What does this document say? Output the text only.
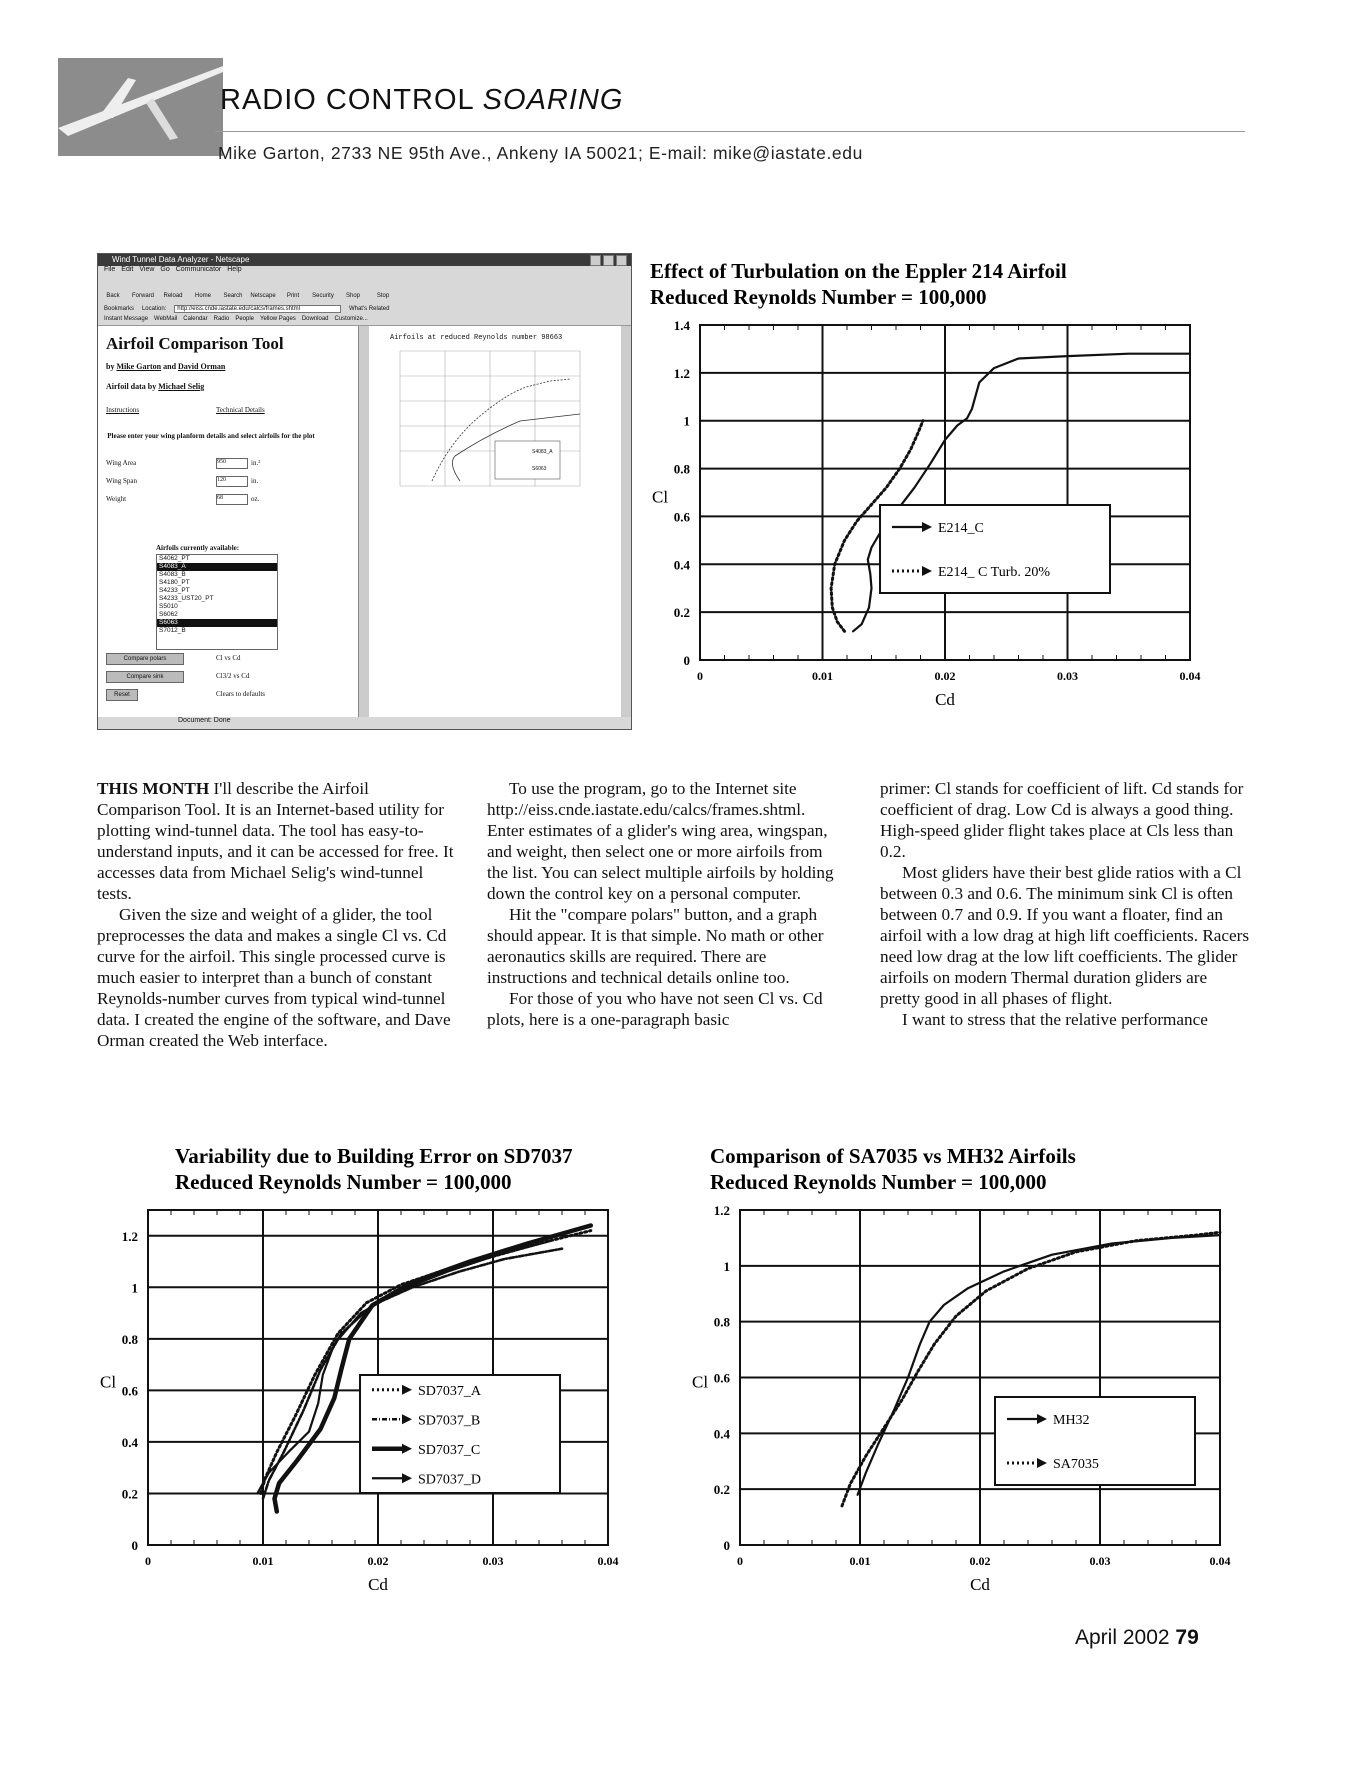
RADIO CONTROL SOARING
Mike Garton, 2733 NE 95th Ave., Ankeny IA 50021; E-mail: mike@iastate.edu
Wind Tunnel Data Analyzer - Netscape
File Edit View Go Communicator Help
Back Forward Reload Home Search Netscape Print Security Shop	Stop
Bookmarks Location: http://eiss.cnde.iastate.edu/calcs/frames.shtml	What's Related
Instant Message WebMail Calendar Radio People Yellow Pages Download Customize...
Airfoil Comparison Tool
by Mike Garton and David Orman
Airfoil data by Michael Selig
Instructions	Technical Details
Please enter your wing planform details and select airfoils for the plot
Wing Area	950	in.²
Wing Span	120	in.
Weight	68	oz.
Airfoils currently available:
S4062_PT
S4083_A
S4083_B
S4180_PT
S4233_PT
S4233_UST20_PT
S5010
S6062
S6063
S7012_B
Compare polars	Cl vs Cd
Compare sink	Cl3/2 vs Cd
Reset	Clears to defaults
Airfoils at reduced Reynolds number 98663
S4083_A
S6063
Document: Done
Effect of Turbulation on the Eppler 214 Airfoil
Reduced Reynolds Number = 100,000
0	0.01	0.02	0.03	0.04
0
0.2
0.4
0.6
0.8
1
1.2
1.4
Cd
Cl
E214_C
E214_ C Turb. 20%
Variability due to Building Error on SD7037
Reduced Reynolds Number = 100,000
0	0.01	0.02	0.03	0.04
0
0.2
0.4
0.6
0.8
1
1.2
Cd
Cl	SD7037_A
SD7037_B
SD7037_C
SD7037_D
Comparison of SA7035 vs MH32 Airfoils
Reduced Reynolds Number = 100,000
0	0.01	0.02	0.03	0.04
0
0.2
0.4
0.6
0.8
1
1.2
Cd
Cl
MH32
SA7035

THIS MONTH I'll describe the Airfoil Comparison Tool. It is an Internet-based utility for plotting wind-tunnel data. The tool has easy-to-understand inputs, and it can be accessed for free. It accesses data from Michael Selig's wind-tunnel tests.

Given the size and weight of a glider, the tool preprocesses the data and makes a single Cl vs. Cd curve for the airfoil. This single processed curve is much easier to interpret than a bunch of constant Reynolds-number curves from typical wind-tunnel data. I created the engine of the software, and Dave Orman created the Web interface.

To use the program, go to the Internet site http://eiss.cnde.iastate.edu/calcs/frames.shtml. Enter estimates of a glider's wing area, wingspan, and weight, then select one or more airfoils from the list. You can select multiple airfoils by holding down the control key on a personal computer.

Hit the "compare polars" button, and a graph should appear. It is that simple. No math or other aeronautics skills are required. There are instructions and technical details online too.

For those of you who have not seen Cl vs. Cd plots, here is a one-paragraph basic

primer: Cl stands for coefficient of lift. Cd stands for coefficient of drag. Low Cd is always a good thing. High-speed glider flight takes place at Cls less than 0.2.

Most gliders have their best glide ratios with a Cl between 0.3 and 0.6. The minimum sink Cl is often between 0.7 and 0.9. If you want a floater, find an airfoil with a low drag at high lift coefficients. Racers need low drag at the low lift coefficients. The glider airfoils on modern Thermal duration gliders are pretty good in all phases of flight.

I want to stress that the relative performance

April 2002 79
